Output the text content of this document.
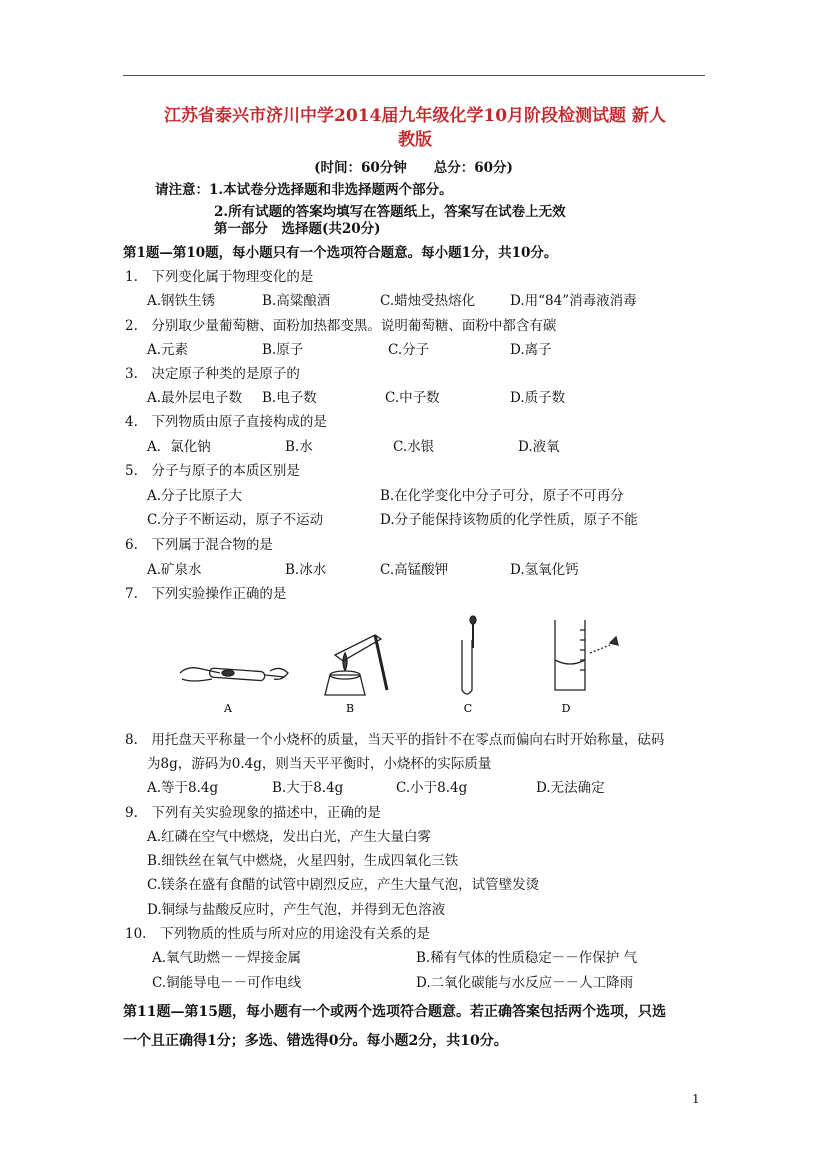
江苏省泰兴市济川中学2014届九年级化学10月阶段检测试题 新人
教版
(时间：60分钟　　总分：60分)
请注意：1.本试卷分选择题和非选择题两个部分。
2.所有试题的答案均填写在答题纸上，答案写在试卷上无效
第一部分　选择题(共20分)
第1题—第10题，每小题只有一个选项符合题意。每小题1分，共10分。
1.　下列变化属于物理变化的是
A.钢铁生锈	B.高粱酿酒	C.蜡烛受热熔化	D.用“84”消毒液消毒
2.　分别取少量葡萄糖、面粉加热都变黑。说明葡萄糖、面粉中都含有碳
A.元素	B.原子	C.分子	D.离子
3.　决定原子种类的是原子的
A.最外层电子数 B.电子数	C.中子数	D.质子数
4.　下列物质由原子直接构成的是
A．氯化钠	B.水	C.水银	D.液氧
5.　分子与原子的本质区别是
A.分子比原子大	B.在化学变化中分子可分，原子不可再分
C.分子不断运动，原子不运动	D.分子能保持该物质的化学性质，原子不能
6.　下列属于混合物的是
A.矿泉水	B.冰水	C.高锰酸钾	D.氢氧化钙
7.　下列实验操作正确的是
A	B	C	D
8.　用托盘天平称量一个小烧杯的质量，当天平的指针不在零点而偏向右时开始称量，砝码
为8g，游码为0.4g，则当天平平衡时，小烧杯的实际质量
A.等于8.4g	B.大于8.4g	C.小于8.4g	D.无法确定
9.　下列有关实验现象的描述中，正确的是
A.红磷在空气中燃烧，发出白光，产生大量白雾
B.细铁丝在氧气中燃烧，火星四射，生成四氧化三铁
C.镁条在盛有食醋的试管中剧烈反应，产生大量气泡，试管壁发烫
D.铜绿与盐酸反应时，产生气泡，并得到无色溶液
10.　下列物质的性质与所对应的用途没有关系的是
A.氧气助燃－－焊接金属	B.稀有气体的性质稳定－－作保护 气
C.铜能导电－－可作电线	D.二氧化碳能与水反应－－人工降雨
第11题—第15题，每小题有一个或两个选项符合题意。若正确答案包括两个选项，只选
一个且正确得1分；多选、错选得0分。每小题2分，共10分。
1
